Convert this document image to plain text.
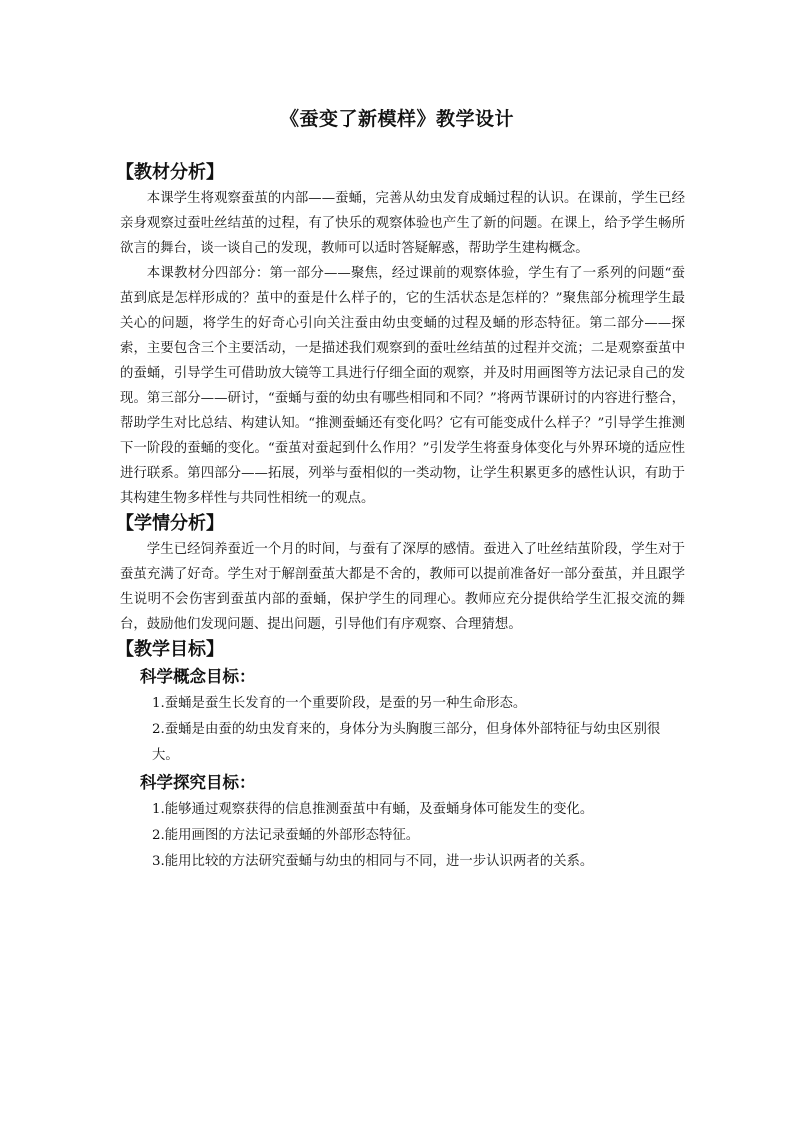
《蚕变了新模样》教学设计
【教材分析】

本课学生将观察蚕茧的内部——蚕蛹，完善从幼虫发育成蛹过程的认识。在课前，学生已经亲身观察过蚕吐丝结茧的过程，有了快乐的观察体验也产生了新的问题。在课上，给予学生畅所欲言的舞台，谈一谈自己的发现，教师可以适时答疑解惑，帮助学生建构概念。

本课教材分四部分：第一部分——聚焦，经过课前的观察体验，学生有了一系列的问题“蚕茧到底是怎样形成的？茧中的蚕是什么样子的，它的生活状态是怎样的？”聚焦部分梳理学生最关心的问题，将学生的好奇心引向关注蚕由幼虫变蛹的过程及蛹的形态特征。第二部分——探索，主要包含三个主要活动，一是描述我们观察到的蚕吐丝结茧的过程并交流；二是观察蚕茧中的蚕蛹，引导学生可借助放大镜等工具进行仔细全面的观察，并及时用画图等方法记录自己的发现。第三部分——研讨，“蚕蛹与蚕的幼虫有哪些相同和不同？”将两节课研讨的内容进行整合，帮助学生对比总结、构建认知。“推测蚕蛹还有变化吗？它有可能变成什么样子？”引导学生推测下一阶段的蚕蛹的变化。“蚕茧对蚕起到什么作用？”引发学生将蚕身体变化与外界环境的适应性进行联系。第四部分——拓展，列举与蚕相似的一类动物，让学生积累更多的感性认识，有助于其构建生物多样性与共同性相统一的观点。

【学情分析】

学生已经饲养蚕近一个月的时间，与蚕有了深厚的感情。蚕进入了吐丝结茧阶段，学生对于蚕茧充满了好奇。学生对于解剖蚕茧大都是不舍的，教师可以提前准备好一部分蚕茧，并且跟学生说明不会伤害到蚕茧内部的蚕蛹，保护学生的同理心。教师应充分提供给学生汇报交流的舞台，鼓励他们发现问题、提出问题，引导他们有序观察、合理猜想。

【教学目标】
科学概念目标：
1.蚕蛹是蚕生长发育的一个重要阶段，是蚕的另一种生命形态。
2.蚕蛹是由蚕的幼虫发育来的，身体分为头胸腹三部分，但身体外部特征与幼虫区别很大。
科学探究目标：
1.能够通过观察获得的信息推测蚕茧中有蛹，及蚕蛹身体可能发生的变化。
2.能用画图的方法记录蚕蛹的外部形态特征。
3.能用比较的方法研究蚕蛹与幼虫的相同与不同，进一步认识两者的关系。
